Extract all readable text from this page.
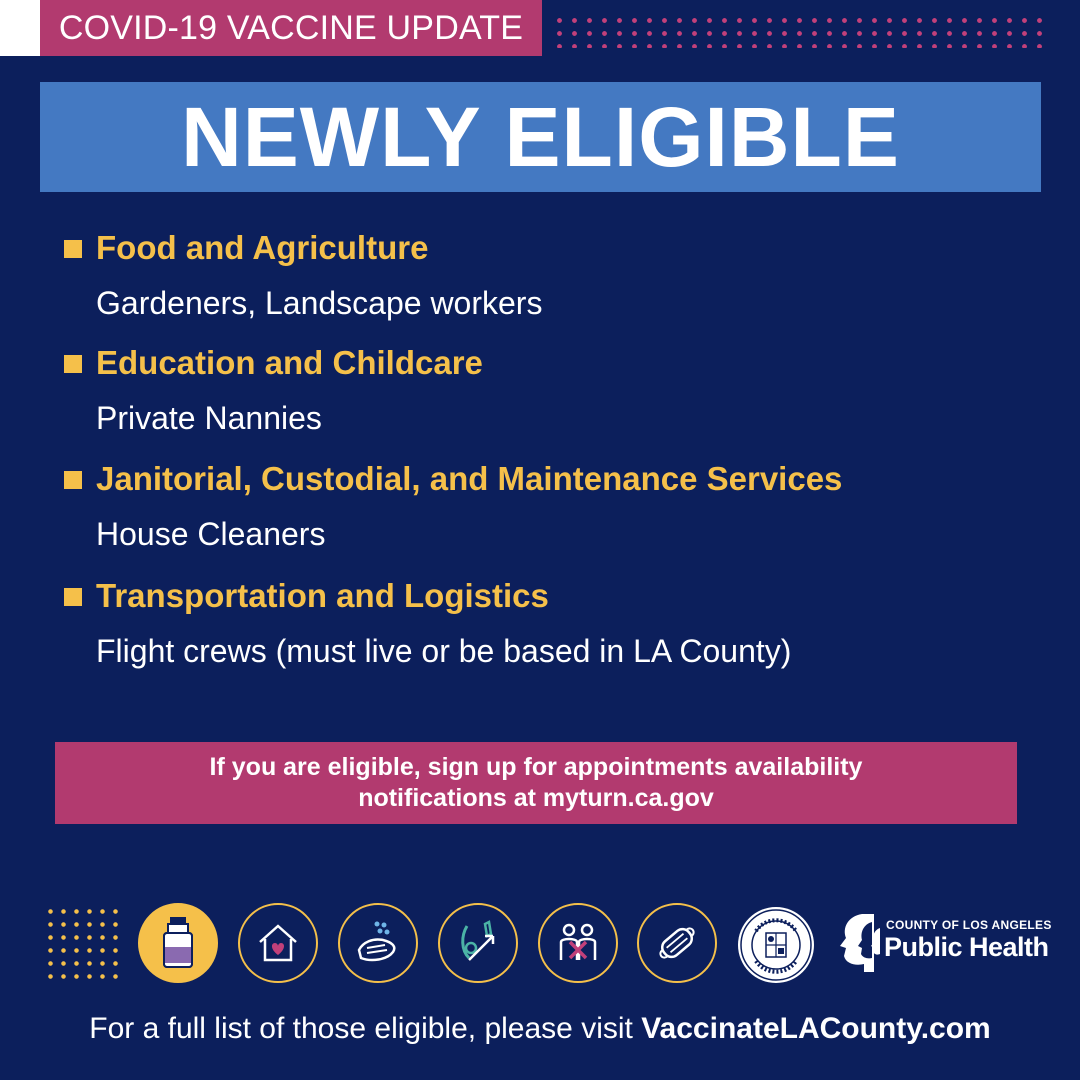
COVID-19 VACCINE UPDATE
NEWLY ELIGIBLE
Food and Agriculture
Gardeners, Landscape workers
Education and Childcare
Private Nannies
Janitorial, Custodial, and Maintenance Services
House Cleaners
Transportation and Logistics
Flight crews (must live or be based in LA County)
If you are eligible, sign up for appointments availability
notifications at myturn.ca.gov
COUNTY OF LOS ANGELES
Public Health
For a full list of those eligible, please visit VaccinateLACounty.com
